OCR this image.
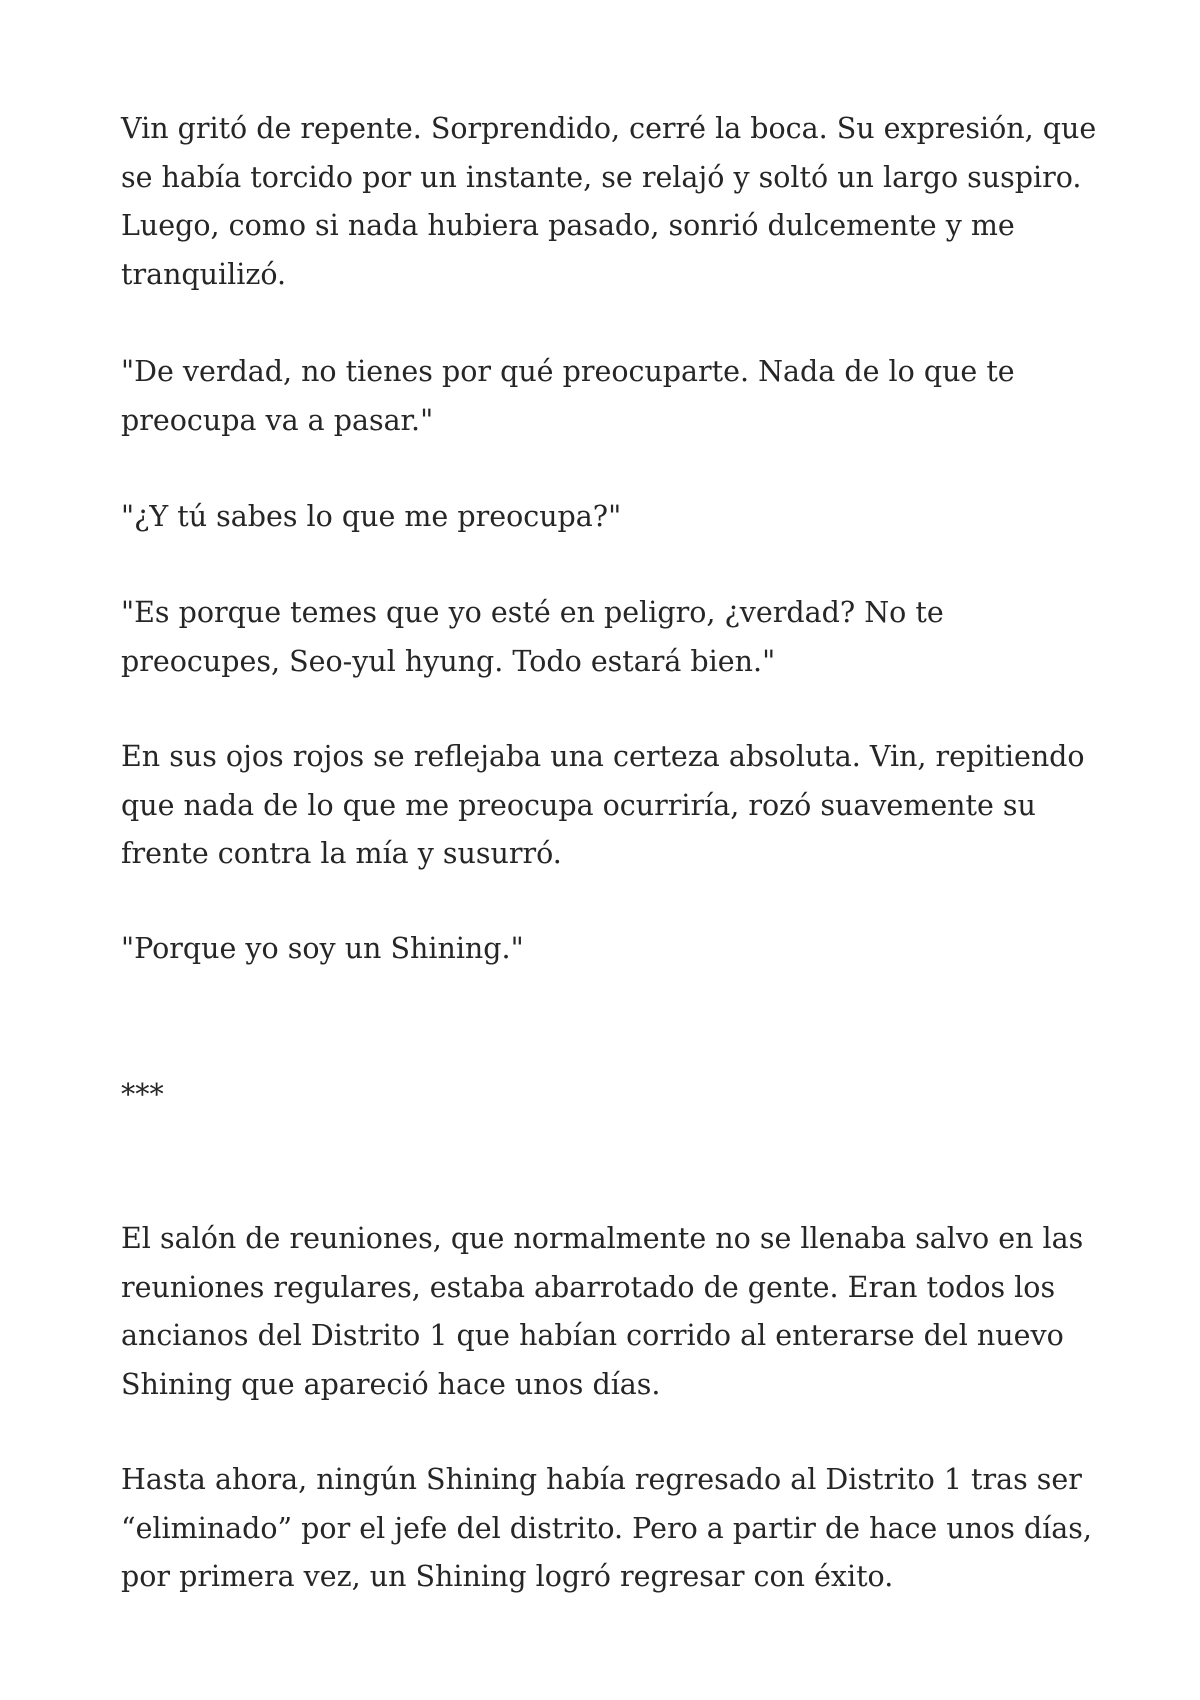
Vin gritó de repente. Sorprendido, cerré la boca. Su expresión, que se había torcido por un instante, se relajó y soltó un largo suspiro. Luego, como si nada hubiera pasado, sonrió dulcemente y me tranquilizó.

"De verdad, no tienes por qué preocuparte. Nada de lo que te preocupa va a pasar."

"¿Y tú sabes lo que me preocupa?"

"Es porque temes que yo esté en peligro, ¿verdad? No te preocupes, Seo-yul hyung. Todo estará bien."

En sus ojos rojos se reflejaba una certeza absoluta. Vin, repitiendo que nada de lo que me preocupa ocurriría, rozó suavemente su frente contra la mía y susurró.

"Porque yo soy un Shining."

***

El salón de reuniones, que normalmente no se llenaba salvo en las reuniones regulares, estaba abarrotado de gente. Eran todos los ancianos del Distrito 1 que habían corrido al enterarse del nuevo Shining que apareció hace unos días.

Hasta ahora, ningún Shining había regresado al Distrito 1 tras ser “eliminado” por el jefe del distrito. Pero a partir de hace unos días, por primera vez, un Shining logró regresar con éxito.
